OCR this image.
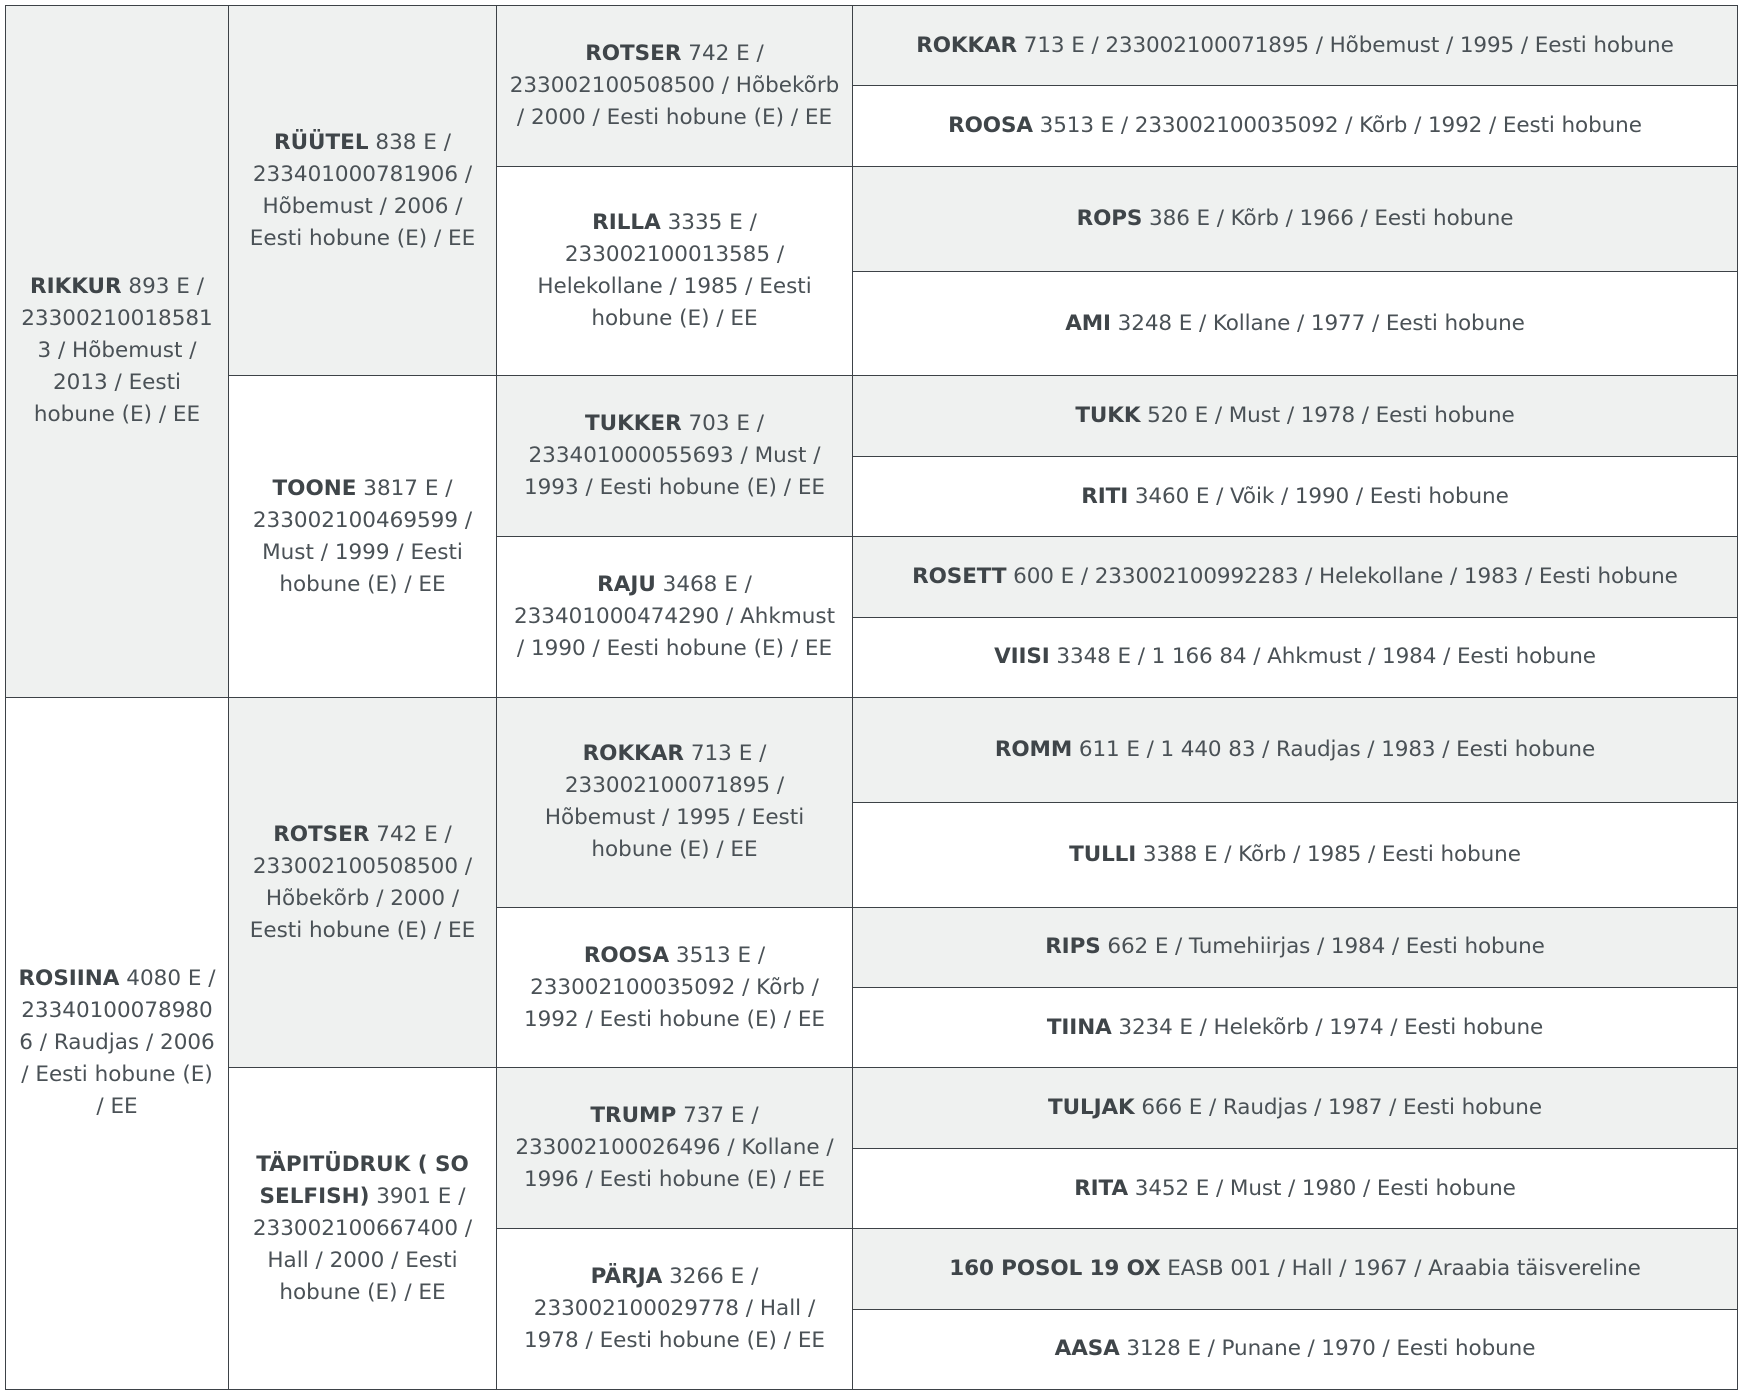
RIKKUR 893 E / 233002100185813 / Hõbemust / 2013 / Eesti hobune (E) / EE	RÜÜTEL 838 E / 233401000781906 / Hõbemust / 2006 / Eesti hobune (E) / EE	ROTSER 742 E / 233002100508500 / Hõbekõrb / 2000 / Eesti hobune (E) / EE	ROKKAR 713 E / 233002100071895 / Hõbemust / 1995 / Eesti hobune
			ROOSA 3513 E / 233002100035092 / Kõrb / 1992 / Eesti hobune
		RILLA 3335 E / 233002100013585 / Helekollane / 1985 / Eesti hobune (E) / EE	ROPS 386 E / Kõrb / 1966 / Eesti hobune
			AMI 3248 E / Kollane / 1977 / Eesti hobune
	TOONE 3817 E / 233002100469599 / Must / 1999 / Eesti hobune (E) / EE	TUKKER 703 E / 233401000055693 / Must / 1993 / Eesti hobune (E) / EE	TUKK 520 E / Must / 1978 / Eesti hobune
			RITI 3460 E / Võik / 1990 / Eesti hobune
		RAJU 3468 E / 233401000474290 / Ahkmust / 1990 / Eesti hobune (E) / EE	ROSETT 600 E / 233002100992283 / Helekollane / 1983 / Eesti hobune
			VIISI 3348 E / 1 166 84 / Ahkmust / 1984 / Eesti hobune
ROSIINA 4080 E / 233401000789806 / Raudjas / 2006 / Eesti hobune (E) / EE	ROTSER 742 E / 233002100508500 / Hõbekõrb / 2000 / Eesti hobune (E) / EE	ROKKAR 713 E / 233002100071895 / Hõbemust / 1995 / Eesti hobune (E) / EE	ROMM 611 E / 1 440 83 / Raudjas / 1983 / Eesti hobune
			TULLI 3388 E / Kõrb / 1985 / Eesti hobune
		ROOSA 3513 E / 233002100035092 / Kõrb / 1992 / Eesti hobune (E) / EE	RIPS 662 E / Tumehiirjas / 1984 / Eesti hobune
			TIINA 3234 E / Helekõrb / 1974 / Eesti hobune
	TÄPITÜDRUK ( SO SELFISH) 3901 E / 233002100667400 / Hall / 2000 / Eesti hobune (E) / EE	TRUMP 737 E / 233002100026496 / Kollane / 1996 / Eesti hobune (E) / EE	TULJAK 666 E / Raudjas / 1987 / Eesti hobune
			RITA 3452 E / Must / 1980 / Eesti hobune
		PÄRJA 3266 E / 233002100029778 / Hall / 1978 / Eesti hobune (E) / EE	160 POSOL 19 OX EASB 001 / Hall / 1967 / Araabia täisvereline
			AASA 3128 E / Punane / 1970 / Eesti hobune
